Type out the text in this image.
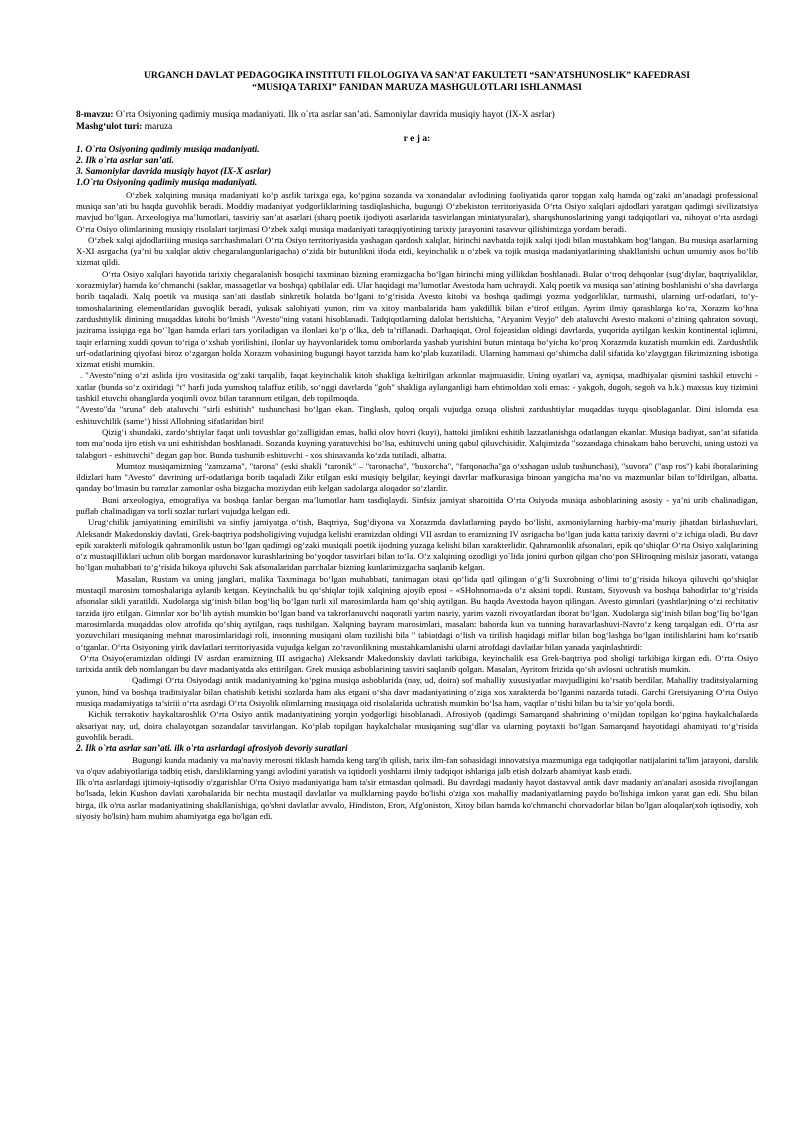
URGANCH DAVLAT PEDAGOGIKA INSTITUTI FILOLOGIYA VA SAN’AT FAKULTETI “SAN’ATSHUNOSLIK” KAFEDRASI
“MUSIQA TARIXI” FANIDAN MARUZA MASHGULOTLARI ISHLANMASI
8-mavzu: O`rta Osiyoning qadimiy musiqa madaniyati. Ilk o`rta asrlar san’ati. Samoniylar davrida musiqiy hayot (IX-X asrlar)
Mashg‘ulot turi: maruza
r e j a:
1. O`rta Osiyoning qadimiy musiqa madaniyati.
2. Ilk o`rta asrlar san’ati.
3. Samoniylar davrida musiqiy hayot (IX-X asrlar)
1.O`rta Osiyoning qadimiy musiqa madaniyati.

O‘zbek xalqining musiqa madaniyati ko‘p asrlik tarixga ega, ko‘pgina sozanda va xonandalar avlodining faoliyatida qaror topgan xalq hamda og‘zaki an’anadagi professional musiqa san’ati bu haqda guvohlik beradi. Moddiy madaniyat yodgorliklarining tasdiqlashicha, bugungi O‘zbekiston territoriyasida O‘rta Osiyo xalqlari ajdodlari yaratgan qadimgi sivilizatsiya mavjud bo‘lgan. Arxeologiya ma’lumotlari, tasviriy san’at asarlari (sharq poetik ijodiyoti asarlarida tasvirlangan miniatyuralar), sharqshunoslarining yangi tadqiqotlari va, nihoyat o‘rta asrdagi O‘rta Osiyo olimlarining musiqiy risolalari tarjimasi O‘zbek xalqi musiqa madaniyati taraqqiyotining tarixiy jarayonini tasavvur qilishimizga yordam beradi.

O‘zbek xalqi ajdodlariiing musiqa sarchashmalari O‘rta Osiyo territoriyasida yashagan qardosh xalqlar, birinchi navbatda tojik xalqi ijodi bilan mustahkam bog‘langan. Bu musiqa asarlarning X-XI asrgacha (ya’ni bu xalqlar aktiv chegaralangunlarigacha) o‘zida bir butunlikni ifoda etdi, keyinchalik u o‘zbek va tojik musiqa madaniyatlarining shakllanishi uchun umumiy asos bo‘lib xizmat qildi.

O‘rta Osiyo xalqlari hayotida tarixiy chegaralanish bosqichi taxminan bizning eramizgacha bo‘lgan birinchi ming yillikdan boshlanadi. Bular o‘troq dehqonlar (sug‘diylar, baqtriyaliklar, xorazmiylar) hamda ko‘chmanchi (saklar, massagetlar va boshqa) qabilalar edi. Ular haqidagi ma’lumotlar Avestoda ham uchraydi. Xalq poetik va musiqa san’atining boshlanishi o‘sha davrlarga borib taqaladi. Xalq poetik va musiqa san’ati dastlab sinkretik holatda bo‘lgani to‘g‘risida Avesto kitobi va boshqa qadimgi yozma yodgorliklar, turmushi, ularning urf-odatlari, to‘y-tomoshalarining elementlaridan guvoqlik beradi, yuksak salohiyati yunon, rim va xitoy manbalarida ham yakdillik bilan e’tirof etilgan. Ayrim ilmiy qarashlarga ko‘ra, Xorazm ko‘hna zardushtiylik dinining muqaddas kitobi bo‘lmish "Avesto"ning vatani hisoblanadi. Tadqiqotlarning dalolat berishicha, "Aryanim Veyjo" deb ataluvchi Avesto makoni o‘zining qahraton sovuqi, jazirama issiqiga ega bo‘`lgan hamda erlari tars yoriladigan va ilonlari ko‘p o‘lka, deb ta’riflanadi. Darhaqiqat, Orol fojeasidan oldingi davrlarda, yuqorida aytilgan keskin kontinental iqlimni, taqir erlarning xuddi qovun to‘riga o‘xshab yorilishini, ilonlar uy hayvonlaridek tomu omborlarda yashab yurishini butun mintaqa bo‘yicha ko‘proq Xorazmda kuzatish mumkin edi. Zardushtlik urf-odatlarining qiyofasi biroz o‘zgargan holda Xorazm vohasining bugungi hayot tarzida ham ko‘plab kuzatiladi. Ularning hammasi qo‘shimcha dalil sifatida ko‘zlaygtgan fikrimizning isbotiga xizmat etishi mumkin.

. "Avesto"ning o‘zi aslida ijro vositasida og‘zaki tarqalib, faqat keyinchalik kitob shakliga keltirilgan arkonlar majmuasidir. Uning oyatlari va, ayniqsa, madhiyalar qismini tashkil etuvchi - xatlar (bunda so‘z oxiridagi "t" harfi juda yumshoq talaffuz etilib, so‘nggi davrlarda "goh" shakliga aylanganligi ham ehtimoldan xoli emas: - yakgoh, dugoh, segoh va h.k.) maxsus kuy tizimini tashkil etuvchi ohanglarda yoqimli ovoz bilan tarannum etilgan, deb topilmoqda.

"Avesto"da "sruna" deb ataluvchi "sirli eshitish" tushunchasi bo‘lgan ekan. Tinglash, quloq orqali vujudga ozuqa olishni zardushtiylar muqaddas tuyqu qisoblaganlar. Dini islomda esa eshituvchilik (same’) hissi Allohning sifatlaridan biri!

Qizig‘i shundaki, zardo‘shtiylar faqat unli tovushlar go‘zalligidan emas, balki olov hovri (kuyi), hattoki jimlikni eshitib lazzatlanishga odatlangan ekanlar. Musiqa badiyat, san’at sifatida tom ma’noda ijro etish va uni eshitishdan boshlanadi. Sozanda kuyning yaratuvchisi bo‘lsa, eshituvchi uning qabul qiluvchisidir. Xalqimizda "sozandaga chinakam baho beruvchi, uning ustozi va talabgori - eshituvchi" degan gap bor. Bunda tushunib eshituvchi - xos shinavanda ko‘zda tutiladi, albatta.

Mumtoz musiqamizning "zamzama", "tarona" (eski shakli "taronik" – "taronacha", "buxorcha", "farqonacha"ga o‘xshagan uslub tushunchasi), "suvora" ("asp ros") kabi iboralarining ildizlari ham "Avesto" davrining urf-odatlariga borib taqaladi Zikr etilgan eski musiqiy belgilar, keyingi davrlar mafkurasiga binoan yangicha ma’no va mazmunlar bilan to‘ldirilgan, albatta. qanday bo‘lmasin bu ramzlar zamonlar osha bizgacha moziydan etib kelgan sadolarga aloqador so‘zlardir.

Buni arxeologiya, etnografiya va boshqa fanlar bergan ma’lumotlar ham tasdiqlaydi. Sinfsiz jamiyat sharoitida O‘rta Osiyoda musiqa asboblarining asosiy - ya’ni urib chalinadigan, puflab chalinadigan va torli sozlar turlari vujudga kelgan edi.

Urug‘chilik jamiyatining emirilishi va sinfiy jamiyatga o‘tish, Baqtriya, Sug‘diyona va Xorazmda davlatlarning paydo bo‘lishi, axmoniylarning harbiy-ma’muriy jihatdan birlashuvlari, Aleksandr Makedonskiy davlati, Grek-baqtriya podsholigiving vujudga kelishi eramizdan oldingi VII asrdan to eramizning IV asrigacha bo‘lgan juda katta tarixiy davrni o‘z ichiga oladi. Bu davr epik xarakterli mifologik qahramonlik ustun bo‘lgan qadimgi og‘zaki musiqali poetik ijodning yuzaga kelishi bilan xarakterlidir. Qahramonlik afsonalari, epik qo‘shiqlar O‘rta Osiyo xalqlarining o‘z mustaqilliklari uchun olib borgan mardonavor kurashlarining bo‘yoqdor tasvirlari bilan to‘la. O‘z xalqining ozodligi yo`lida jonini qurbon qilgan cho‘pon SHiroqning mislsiz jasorati, vatanga bo‘lgan muhabbati to‘g‘risida hikoya qiluvchi Sak afsonalaridan parchalar bizning kunlarimizgacha saqlanib kelgan.

Masalan, Rustam va uning janglari, malika Taxminaga bo‘lgan muhabbati, tanimagan otasi qo‘lida qatl qilingan o‘g‘li Suxrobning o‘limi to‘g‘risida hikoya qiluvchi qo‘shiqlar mustaqil marosim tomoshalariga aylanib ketgan. Keyinchalik bu qo‘shiqlar tojik xalqining ajoyib eposi - «SHohnoma»da o‘z aksini topdi. Rustam, Siyovush va boshqa bahodirlar to‘g‘risida afsonalar sikli yaratildi. Xudolarga sig‘inish bilan bog‘liq bo‘lgan turli xil marosimlarda ham qo‘shiq aytilgan. Bu haqda Avestoda bayon qilingan. Avesto gimnlari (yashtlar)ning o‘zi rechitativ tarzida ijro etilgan. Gimnlar xor bo‘lib aytish mumkin bo‘lgan band va takrorlanuvchi naqoratli yarim nasriy, yarim vaznli rivoyatlardan iborat bo‘lgan. Xudolarga sig‘inish bilan bog‘liq bo‘lgan marosimlarda muqaddas olov atrofida qo‘shiq aytilgan, raqs tushilgan. Xalqning bayram marosimlari, masalan: bahorda kun va tunning baravarlashuvi-Navro‘z keng tarqalgan edi. O‘rta asr yozuvchilari musiqaning mehnat marosimlaridagi roli, insonning musiqani olam tuzilishi bila " tabiatdagi o‘lish va tirilish haqidagi miflar bilan bog‘lashga bo‘lgan intilishlarini ham ko‘rsatib o‘tganlar. O‘rta Osiyoning yirik davlatlari territoriyasida vujudga kelgan zo‘ravonlikning mustahkamlanishi ularni atrofdagi davlatlar bilan yanada yaqinlashtirdi:

O‘rta Osiyo(eramizdan oldingi IV asrdan eramizning III asrigacha) Aleksandr Makedonskiy davlati tarkibiga, keyinchalik esa Grek-baqtriya pod sholigi tarkibiga kirgan edi. O‘rta Osiyo tarixida antik deb nomlangan bu davr madaniyatda aks ettirilgan. Grek musiqa asboblarining tasviri saqlanib qolgan. Masalan, Ayritom frizida qo‘sh avlosni uchratish mumkin.

Qadimgi O‘rta Osiyodagi antik madaniyatning ko‘pgina musiqa asboblarida (nay, ud, doira) sof mahalliy xususiyatlar mavjudligini ko‘rsatib berdilar. Mahalliy traditsiyalarning yunon, hind va boshqa traditsiyalar bilan chatishib ketishi sozlarda ham aks etgani o‘sha davr madaniyatining o‘ziga xos xarakterda bo‘lganini nazarda tutadi. Garchi Gretsiyaning O‘rta Osiyo musiqa madamiyatiga ta’siriii o‘rta asrdagi O‘rta Osiyolik olimlarning musiqaga oid risolalarida uchratish mumkin bo‘lsa ham, vaqtlar o‘tishi bilan bu ta’sir yo‘qola bordi.

Kichik terrakotiv haykaltaroshlik O‘rta Osiyo antik madaniyatining yorqin yodgorligi hisoblanadi. Afrosiyob (qadimgi Samarqand shahrining o‘rni)dan topilgan ko‘pgina haykalchalarda aksariyat nay, ud, doira chalayotgan sozandalar tasvirlangan. Ko‘plab topilgan haykalchalar musiqaning sug‘dlar va ularning poytaxti bo‘lgan Samarqand hayotidagi ahamiyati to‘g‘risida guvohlik beradi.

2. Ilk o`rta asrlar san’ati. ilk o'rta asrlardagi afrosiyob devoriy suratlari

Bugungi kunda madaniy va ma'naviy merosni tiklash hamda keng targ'ib qilish, tarix ilm-fan sohasidagi innovatsiya mazmuniga ega tadqiqotlar natijalarini ta'lim jarayoni, darslik va o'quv adabiyotlariga tadbiq etish, darsliklarning yangi avlodini yaratish va iqtidorli yoshlarni ilmiy tadqiqot ishlariga jalb etish dolzarb ahamiyat kasb etadi.

Ilk o'rta asrlardagi ijtimoiy-iqtisodiy o'zgarishlar O'rta Osiyo madaniyatiga ham ta'sir etmasdan qolmadi. Bu davrdagi madaniy hayot dastavval antik davr madaniy an'analari asosida rivojlangan bo'lsada, lekin Kushon davlati xarobalarida bir nechta mustaqil davlatlar va mulklarning paydo bo'lishi o'ziga xos mahalliy madaniyatlarning paydo bo'lishiga imkon yarat gan edi. Shu bilan birga, ilk o'rta asrlar madaniyatining shakllanishiga, qo'shni davlatlar avvalo, Hindiston, Eron, Afg'oniston, Xitoy bilan hamda ko'chmanchi chorvadorlar bilan bo'lgan aloqalar(xoh iqtisodiy, xoh siyosiy bo'lsin) ham muhim ahamiyatga ega bo'lgan edi.
